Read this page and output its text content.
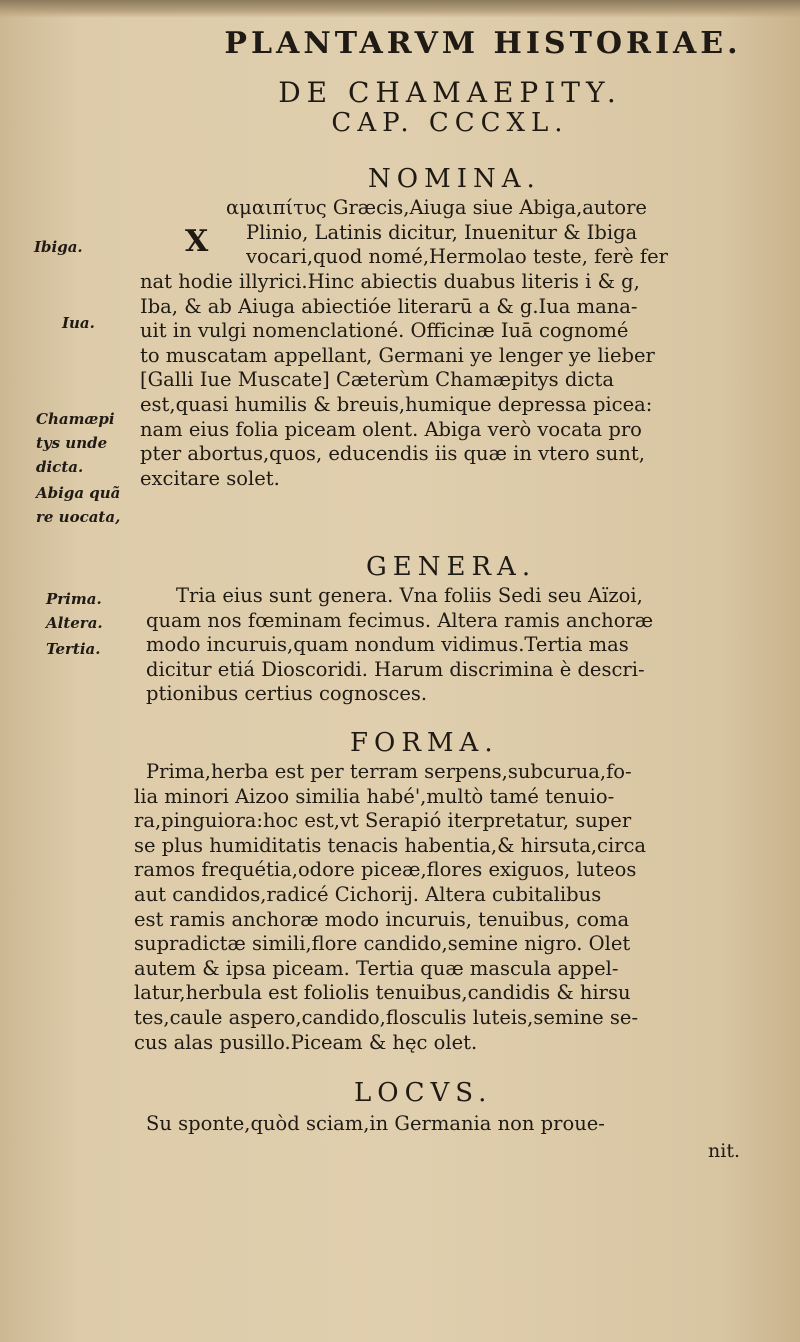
PLANTARVM HISTORIAE.
DE CHAMAEPITY.
CAP. CCCXL.
NOMINA.
X
αμαιπίτυς Græcis,Aiuga siue Abiga,autore
Plinio, Latinis dicitur, Inuenitur & Ibiga
vocari,quod nomé,Hermolao teste, ferè fer
nat hodie illyrici.Hinc abiectis duabus literis i & g,
Iba, & ab Aiuga abiectióe literarū a & g.Iua mana-
uit in vulgi nomenclationé. Officinæ Iuā cognomé
to muscatam appellant, Germani ye lenger ye lieber
[Galli Iue Muscate] Cæterùm Chamæpitys dicta
est,quasi humilis & breuis,humique depressa picea:
nam eius folia piceam olent. Abiga verò vocata pro
pter abortus,quos, educendis iis quæ in vtero sunt,
excitare solet.
GENERA.
Tria eius sunt genera. Vna foliis Sedi seu Aïzoi,
quam nos fœminam fecimus. Altera ramis anchoræ
modo incuruis,quam nondum vidimus.Tertia mas
dicitur etiá Dioscoridi. Harum discrimina è descri-
ptionibus certius cognosces.
FORMA.
Prima,herba est per terram serpens,subcurua,fo-
lia minori Aizoo similia habé',multò tamé tenuio-
ra,pinguiora:hoc est,vt Serapió iterpretatur, super
se plus humiditatis tenacis habentia,& hirsuta,circa
ramos frequétia,odore piceæ,flores exiguos, luteos
aut candidos,radicé Cichorij. Altera cubitalibus
est ramis anchoræ modo incuruis, tenuibus, coma
supradictæ simili,flore candido,semine nigro. Olet
autem & ipsa piceam. Tertia quæ mascula appel-
latur,herbula est foliolis tenuibus,candidis & hirsu
tes,caule aspero,candido,flosculis luteis,semine se-
cus alas pusillo.Piceam & hęc olet.
LOCVS.
Su sponte,quòd sciam,in Germania non proue-
nit.
Ibiga.
Iua.
Chamæpi
tys unde
dicta.
Abiga quã
re uocata,
Prima.
Altera.
Tertia.
